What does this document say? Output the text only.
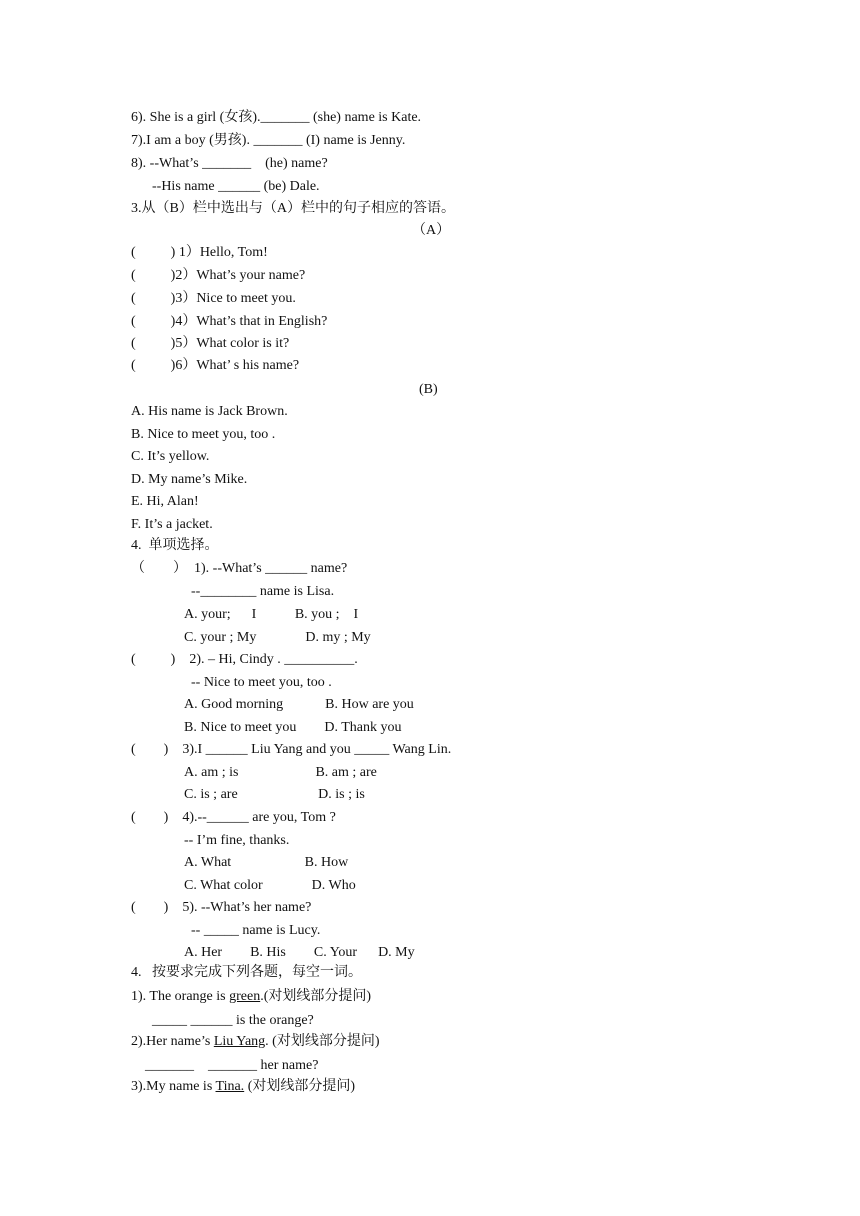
6). She is a girl (女孩)._______ (she) name is Kate.
7).I am a boy (男孩). _______ (I) name is Jenny.
8). --What’s _______    (he) name?
--His name ______ (be) Dale.
3.从（B）栏中选出与（A）栏中的句子相应的答语。
（A）
(          ) 1）Hello, Tom!
(          )2）What’s your name?
(          )3）Nice to meet you.
(          )4）What’s that in English?
(          )5）What color is it?
(          )6）What’ s his name?
(B)
A. His name is Jack Brown.
B. Nice to meet you, too .
C. It’s yellow.
D. My name’s Mike.
E. Hi, Alan!
F. It’s a jacket.
4.  单项选择。
（        ）  1). --What’s ______ name?
--________ name is Lisa.
A. your;      I           B. you ;    I
C. your ; My              D. my ; My
(          )    2). – Hi, Cindy . __________.
-- Nice to meet you, too .
A. Good morning            B. How are you
B. Nice to meet you        D. Thank you
(        )    3).I ______ Liu Yang and you _____ Wang Lin.
A. am ; is                      B. am ; are
C. is ; are                       D. is ; is
(        )    4).--______ are you, Tom ?
-- I’m fine, thanks.
A. What                     B. How
C. What color              D. Who
(        )    5). --What’s her name?
-- _____ name is Lucy.
A. Her        B. His        C. Your      D. My
4.   按要求完成下列各题，每空一词。
1). The orange is green.(对划线部分提问)
_____ ______ is the orange?
2).Her name’s Liu Yang. (对划线部分提问)
_______    _______ her name?
3).My name is Tina. (对划线部分提问)
